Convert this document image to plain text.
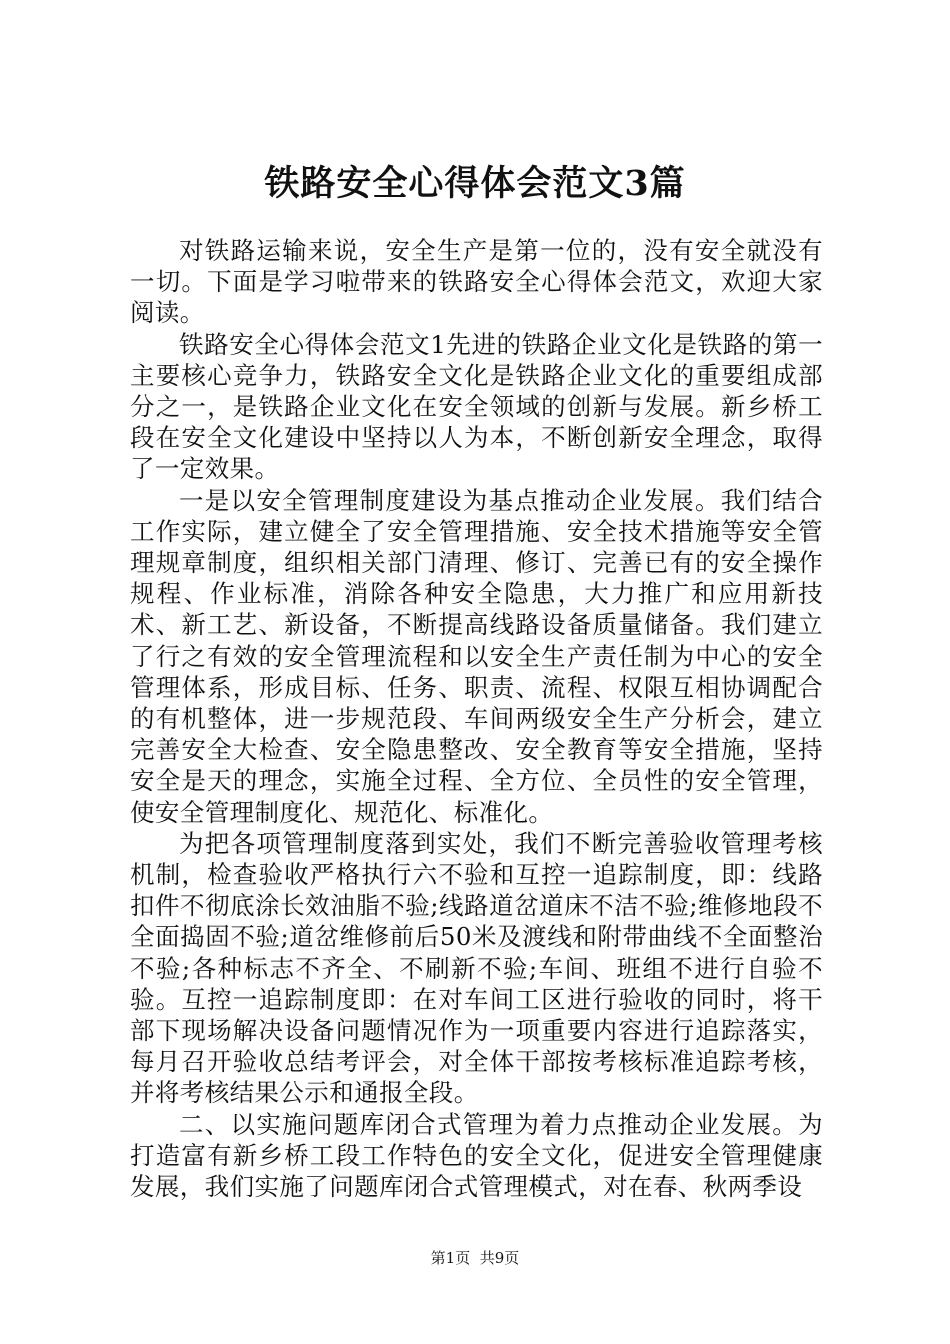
铁路安全心得体会范文3篇

对铁路运输来说，安全生产是第一位的，没有安全就没有一切。下面是学习啦带来的铁路安全心得体会范文，欢迎大家阅读。

铁路安全心得体会范文1先进的铁路企业文化是铁路的第一主要核心竞争力，铁路安全文化是铁路企业文化的重要组成部分之一，是铁路企业文化在安全领域的创新与发展。新乡桥工段在安全文化建设中坚持以人为本，不断创新安全理念，取得了一定效果。

一是以安全管理制度建设为基点推动企业发展。我们结合工作实际，建立健全了安全管理措施、安全技术措施等安全管理规章制度，组织相关部门清理、修订、完善已有的安全操作规程、作业标准，消除各种安全隐患，大力推广和应用新技术、新工艺、新设备，不断提高线路设备质量储备。我们建立了行之有效的安全管理流程和以安全生产责任制为中心的安全管理体系，形成目标、任务、职责、流程、权限互相协调配合的有机整体，进一步规范段、车间两级安全生产分析会，建立完善安全大检查、安全隐患整改、安全教育等安全措施，坚持安全是天的理念，实施全过程、全方位、全员性的安全管理，使安全管理制度化、规范化、标准化。

为把各项管理制度落到实处，我们不断完善验收管理考核机制，检查验收严格执行六不验和互控一追踪制度，即：线路扣件不彻底涂长效油脂不验;线路道岔道床不洁不验;维修地段不全面捣固不验;道岔维修前后50米及渡线和附带曲线不全面整治不验;各种标志不齐全、不刷新不验;车间、班组不进行自验不验。互控一追踪制度即：在对车间工区进行验收的同时，将干部下现场解决设备问题情况作为一项重要内容进行追踪落实，每月召开验收总结考评会，对全体干部按考核标准追踪考核，并将考核结果公示和通报全段。

二、以实施问题库闭合式管理为着力点推动企业发展。为打造富有新乡桥工段工作特色的安全文化，促进安全管理健康发展，我们实施了问题库闭合式管理模式，对在春、秋两季设

第1页 共9页
